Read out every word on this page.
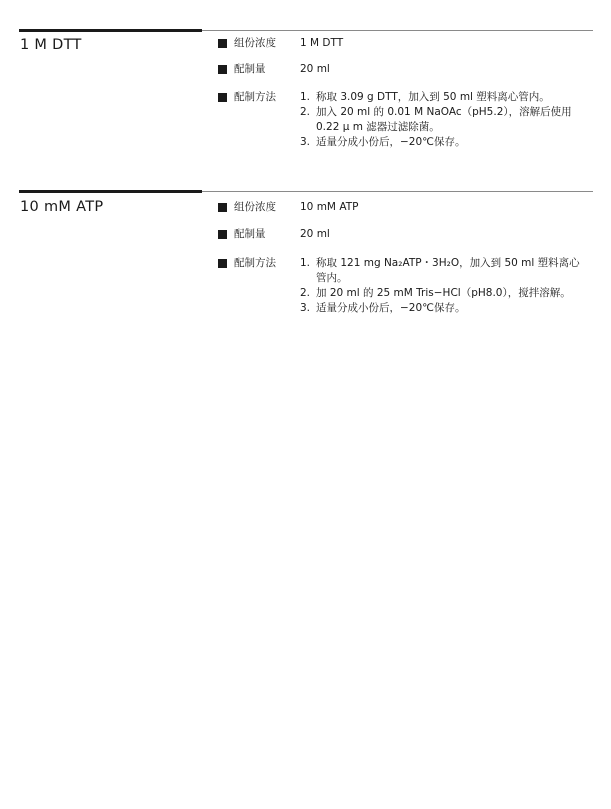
1 M DTT	组份浓度 1 M DTT
配制量	20 ml
配制方法 1. 称取 3.09 g DTT，加入到 50 ml 塑料离心管内。
2. 加入 20 ml 的 0.01 M NaOAc（pH5.2），溶解后使用 0.22 μ m 滤器过滤除菌。
3. 适量分成小份后，−20℃保存。
10 mM ATP	组份浓度 10 mM ATP
配制量	20 ml
配制方法 1. 称取 121 mg Na₂ATP・3H₂O，加入到 50 ml 塑料离心管内。
2. 加 20 ml 的 25 mM Tris−HCl（pH8.0），搅拌溶解。
3. 适量分成小份后，−20℃保存。
